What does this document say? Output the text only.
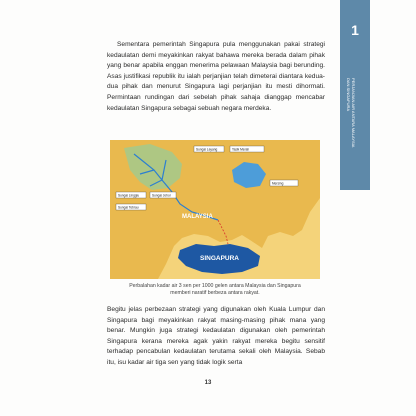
1
PERJANJIAN AIR ANTARA MALAYSIA
DAN SINGAPURA

Sementara pemerintah Singapura pula menggunakan pakai strategi kedaulatan demi meyakinkan rakyat bahawa mereka berada dalam pihak yang benar apabila enggan menerima pelawaan Malaysia bagi berunding. Asas justifikasi republik itu ialah perjanjian telah dimeterai diantara kedua-dua pihak dan menurut Singapura lagi perjanjian itu mesti dihormati. Permintaan rundingan dari sebelah pihak sahaja dianggap mencabar kedaulatan Singapura sebagai sebuah negara merdeka.

MALAYSIA
SINGAPURA
Sungai Linggiu	Sungai Johor
Sungai Tebrau
Tasik Merah
Mersing
Sungai Layang

Perbalahan kadar air 3 sen per 1000 gelen antara Malaysia dan Singapura
memberi naratif berbeza antara rakyat.

Begitu jelas perbezaan strategi yang digunakan oleh Kuala Lumpur dan Singapura bagi meyakinkan rakyat masing-masing pihak mana yang benar. Mungkin juga strategi kedaulatan digunakan oleh pemerintah Singapura kerana mereka agak yakin rakyat mereka begitu sensitif terhadap pencabulan kedaulatan terutama sekali oleh Malaysia. Sebab itu, isu kadar air tiga sen yang tidak logik serta

13
